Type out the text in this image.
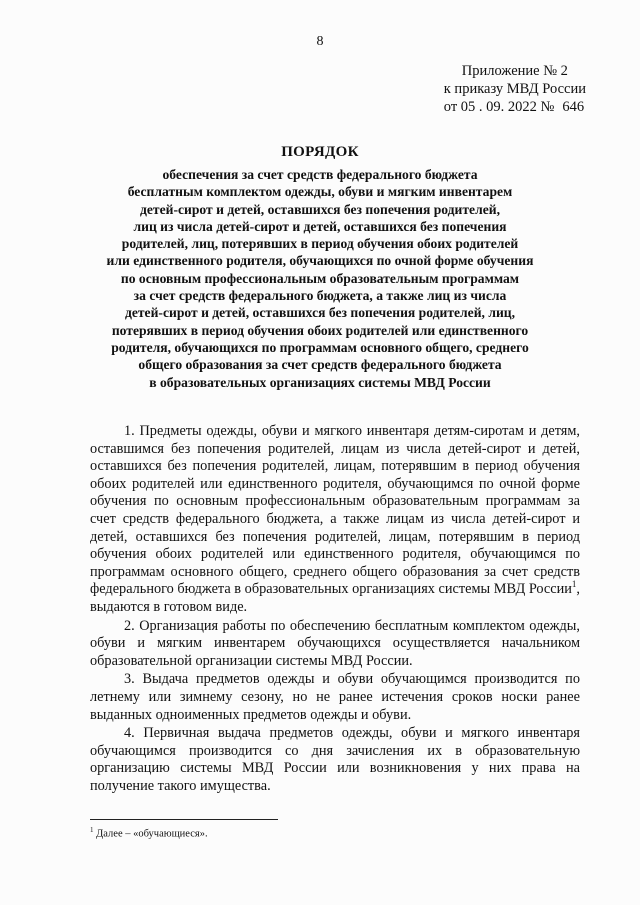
8
Приложение № 2
к приказу МВД России
от 05 . 09. 2022 № 646
ПОРЯДОК
обеспечения за счет средств федерального бюджета
бесплатным комплектом одежды, обуви и мягким инвентарем
детей-сирот и детей, оставшихся без попечения родителей,
лиц из числа детей-сирот и детей, оставшихся без попечения
родителей, лиц, потерявших в период обучения обоих родителей
или единственного родителя, обучающихся по очной форме обучения
по основным профессиональным образовательным программам
за счет средств федерального бюджета, а также лиц из числа
детей-сирот и детей, оставшихся без попечения родителей, лиц,
потерявших в период обучения обоих родителей или единственного
родителя, обучающихся по программам основного общего, среднего
общего образования за счет средств федерального бюджета
в образовательных организациях системы МВД России

1. Предметы одежды, обуви и мягкого инвентаря детям-сиротам и детям, оставшимся без попечения родителей, лицам из числа детей-сирот и детей, оставшихся без попечения родителей, лицам, потерявшим в период обучения обоих родителей или единственного родителя, обучающимся по очной форме обучения по основным профессиональным образовательным программам за счет средств федерального бюджета, а также лицам из числа детей-сирот и детей, оставшихся без попечения родителей, лицам, потерявшим в период обучения обоих родителей или единственного родителя, обучающимся по программам основного общего, среднего общего образования за счет средств федерального бюджета в образовательных организациях системы МВД России$^1$, выдаются в готовом виде.

2. Организация работы по обеспечению бесплатным комплектом одежды, обуви и мягким инвентарем обучающихся осуществляется начальником образовательной организации системы МВД России.

3. Выдача предметов одежды и обуви обучающимся производится по летнему или зимнему сезону, но не ранее истечения сроков носки ранее выданных одноименных предметов одежды и обуви.

4. Первичная выдача предметов одежды, обуви и мягкого инвентаря обучающимся производится со дня зачисления их в образовательную организацию системы МВД России или возникновения у них права на получение такого имущества.

$^1$ Далее – «обучающиеся».
